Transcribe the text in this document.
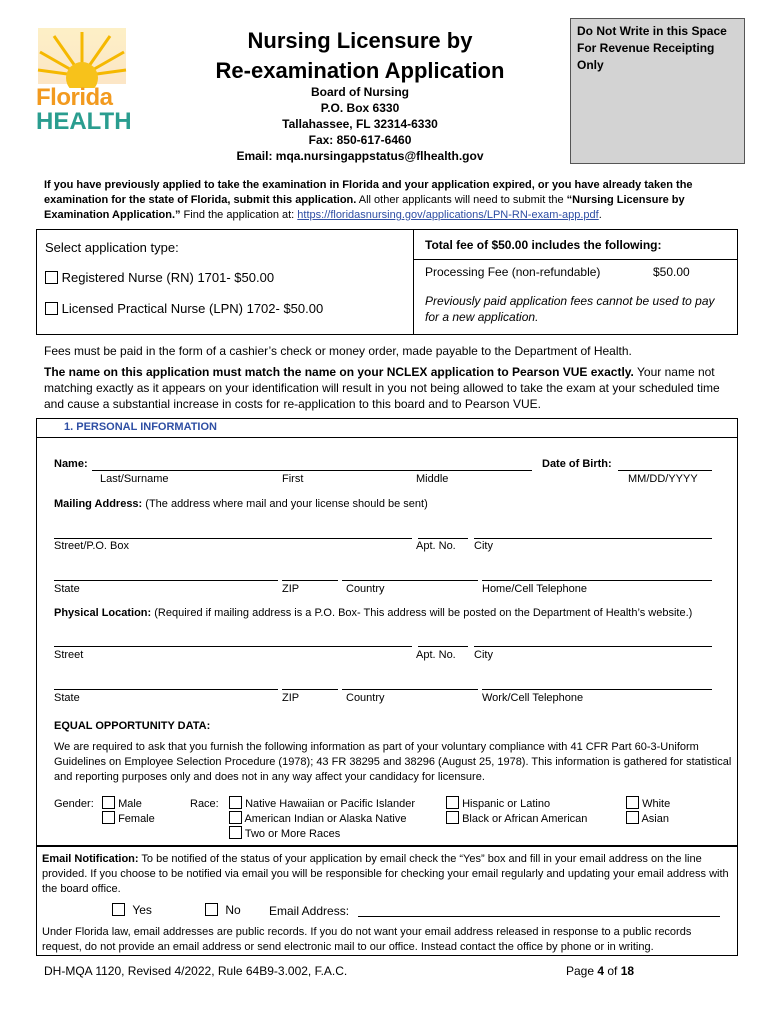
Florida
HEALTH
Nursing Licensure by
Re-examination Application
Board of Nursing
P.O. Box 6330
Tallahassee, FL 32314-6330
Fax: 850-617-6460
Email: mqa.nursingappstatus@flhealth.gov
Do Not Write in this Space
For Revenue Receipting Only
If you have previously applied to take the examination in Florida and your application expired, or you have already taken the examination for the state of Florida, submit this application. All other applicants will need to submit the “Nursing Licensure by Examination Application.” Find the application at: https://floridasnursing.gov/applications/LPN-RN-exam-app.pdf.
Select application type:
Registered Nurse (RN) 1701- $50.00
Licensed Practical Nurse (LPN) 1702- $50.00
Total fee of $50.00 includes the following:
Processing Fee (non-refundable)	$50.00
Previously paid application fees cannot be used to pay for a new application.
Fees must be paid in the form of a cashier’s check or money order, made payable to the Department of Health.
The name on this application must match the name on your NCLEX application to Pearson VUE exactly. Your name not matching exactly as it appears on your identification will result in you not being allowed to take the exam at your scheduled time and cause a substantial increase in costs for re-application to this board and to Pearson VUE.
1. PERSONAL INFORMATION
Name:	Date of Birth:
Last/Surname	First	Middle	MM/DD/YYYY
Mailing Address: (The address where mail and your license should be sent)
Street/P.O. Box	Apt. No. City
State	ZIP	Country	Home/Cell Telephone
Physical Location: (Required if mailing address is a P.O. Box- This address will be posted on the Department of Health’s website.)
Street	Apt. No. City
State	ZIP	Country	Work/Cell Telephone
EQUAL OPPORTUNITY DATA:
We are required to ask that you furnish the following information as part of your voluntary compliance with 41 CFR Part 60-3-Uniform Guidelines on Employee Selection Procedure (1978); 43 FR 38295 and 38296 (August 25, 1978). This information is gathered for statistical and reporting purposes only and does not in any way affect your candidacy for licensure.
Gender:	Male
Female
Race:	Native Hawaiian or Pacific Islander
American Indian or Alaska Native
Two or More Races
Hispanic or Latino
Black or African American
White
Asian
Email Notification: To be notified of the status of your application by email check the “Yes” box and fill in your email address on the line provided. If you choose to be notified via email you will be responsible for checking your email regularly and updating your email address with the board office.
Yes	No Email Address:
Under Florida law, email addresses are public records. If you do not want your email address released in response to a public records request, do not provide an email address or send electronic mail to our office. Instead contact the office by phone or in writing.
DH-MQA 1120, Revised 4/2022, Rule 64B9-3.002, F.A.C.	Page 4 of 18
